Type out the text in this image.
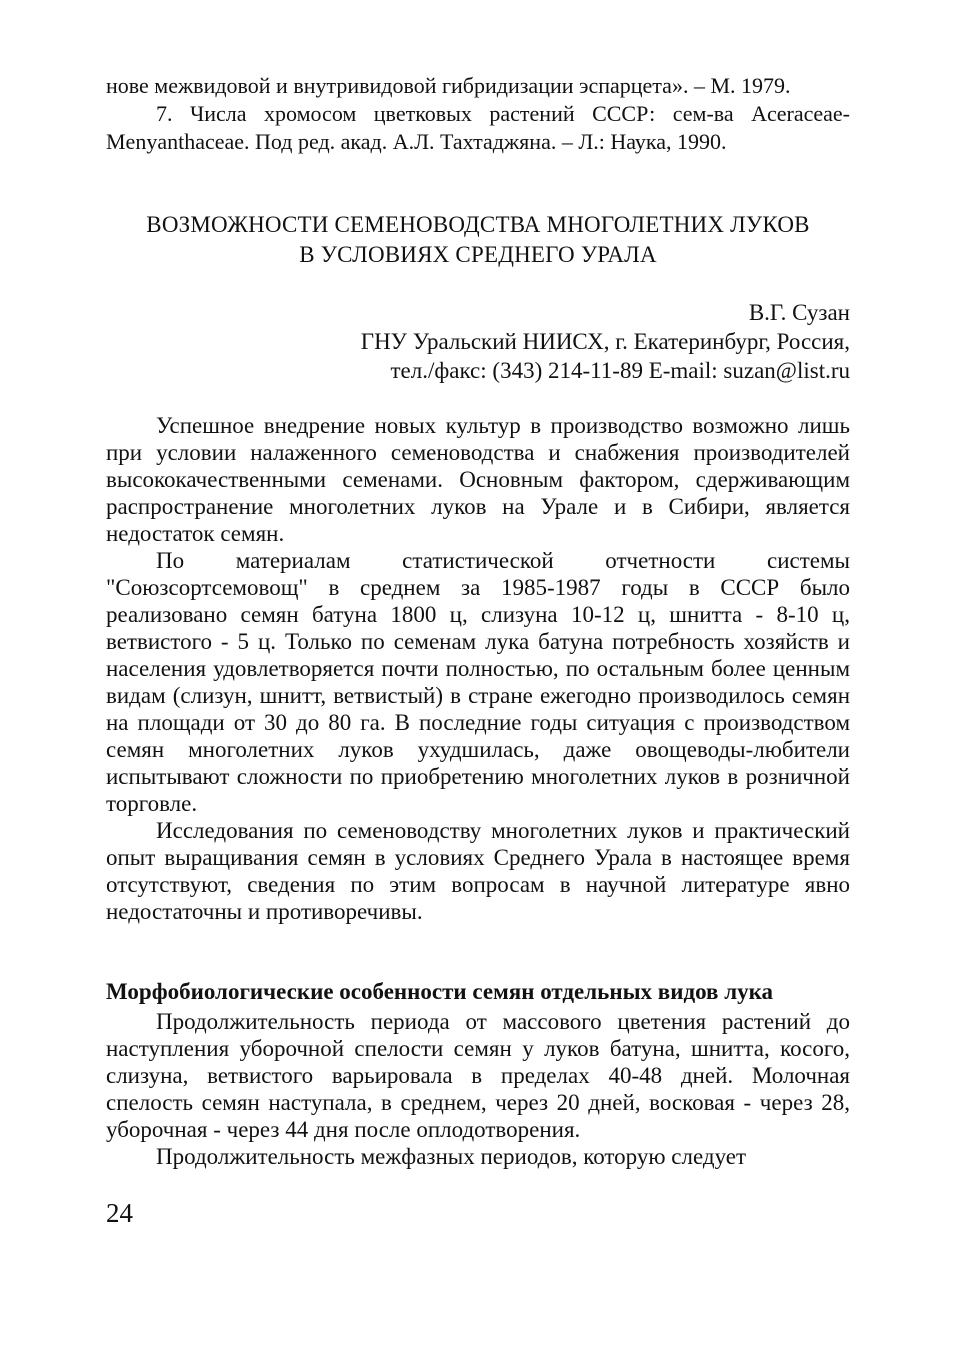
нове межвидовой и внутривидовой гибридизации эспарцета». – М. 1979.

7. Числа хромосом цветковых растений СССР: сем-ва Aceraceae-Menyanthaceae. Под ред. акад. А.Л. Тахтаджяна. – Л.: Наука, 1990.

ВОЗМОЖНОСТИ СЕМЕНОВОДСТВА МНОГОЛЕТНИХ ЛУКОВ
В УСЛОВИЯХ СРЕДНЕГО УРАЛА
В.Г. Сузан
ГНУ Уральский НИИСХ, г. Екатеринбург, Россия,
тел./факс: (343) 214-11-89 E-mail: suzan@list.ru

Успешное внедрение новых культур в производство возможно лишь при условии налаженного семеноводства и снабжения производителей высококачественными семенами. Основным фактором, сдерживающим распространение многолетних луков на Урале и в Сибири, является недостаток семян.

По материалам статистической отчетности системы "Союзсортсемовощ" в среднем за 1985-1987 годы в СССР было реализовано семян батуна 1800 ц, слизуна 10-12 ц, шнитта - 8-10 ц, ветвистого - 5 ц. Только по семенам лука батуна потребность хозяйств и населения удовлетворяется почти полностью, по остальным более ценным видам (слизун, шнитт, ветвистый) в стране ежегодно производилось семян на площади от 30 до 80 га. В последние годы ситуация с производством семян многолетних луков ухудшилась, даже овощеводы-любители испытывают сложности по приобретению многолетних луков в розничной торговле.

Исследования по семеноводству многолетних луков и практический опыт выращивания семян в условиях Среднего Урала в настоящее время отсутствуют, сведения по этим вопросам в научной литературе явно недостаточны и противоречивы.

Морфобиологические особенности семян отдельных видов лука

Продолжительность периода от массового цветения растений до наступления уборочной спелости семян у луков батуна, шнитта, косого, слизуна, ветвистого варьировала в пределах 40-48 дней. Молочная спелость семян наступала, в среднем, через 20 дней, восковая - через 28, уборочная - через 44 дня после оплодотворения.

Продолжительность межфазных периодов, которую следует

24
